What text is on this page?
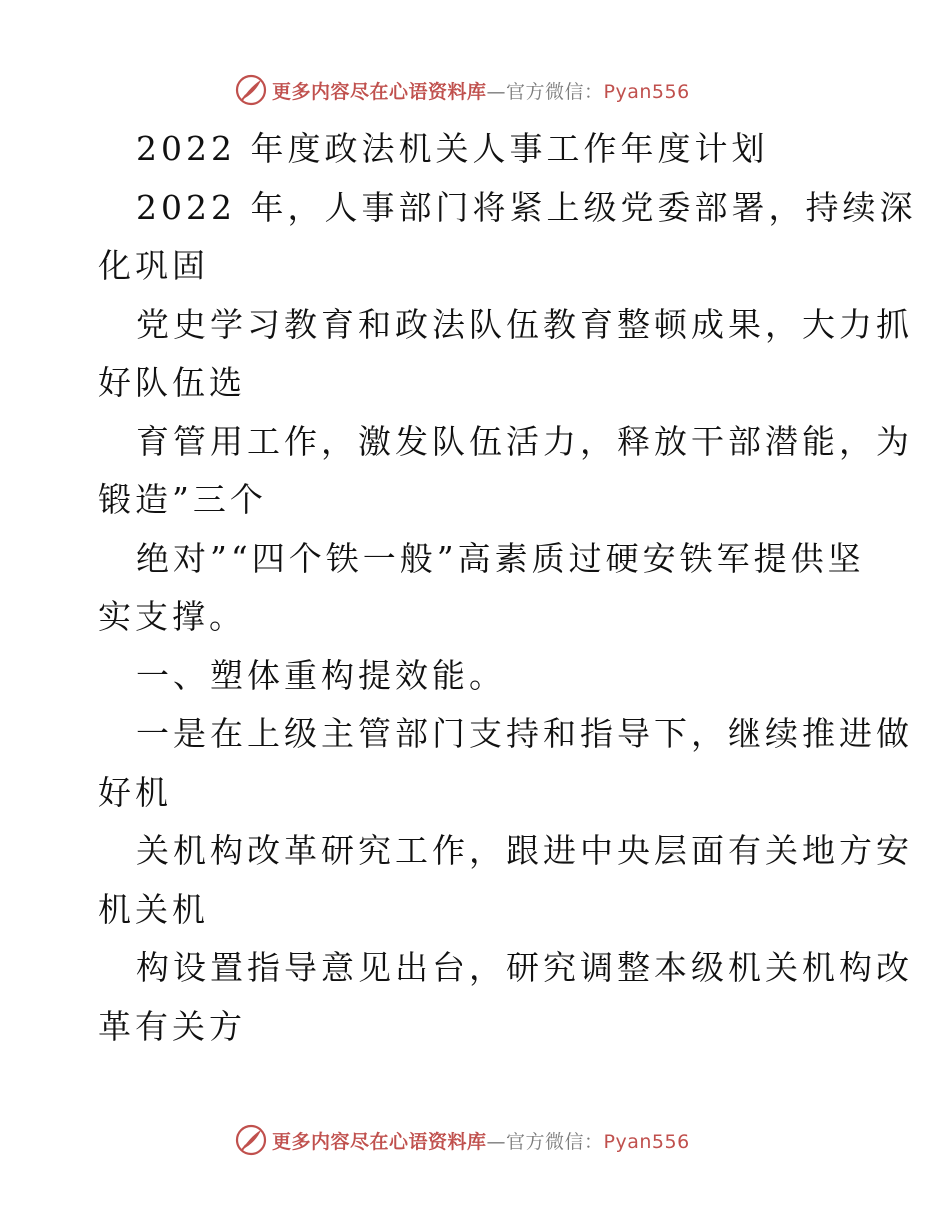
更多内容尽在心语资料库—官方微信：Pyan556
2022 年度政法机关人事工作年度计划
2022 年，人事部门将紧上级党委部署，持续深
化巩固
党史学习教育和政法队伍教育整顿成果，大力抓
好队伍选
育管用工作，激发队伍活力，释放干部潜能，为
锻造”三个
绝对”“四个铁一般”高素质过硬安铁军提供坚
实支撑。
一、塑体重构提效能。
一是在上级主管部门支持和指导下，继续推进做
好机
关机构改革研究工作，跟进中央层面有关地方安
机关机
构设置指导意见出台，研究调整本级机关机构改
革有关方
更多内容尽在心语资料库—官方微信：Pyan556
